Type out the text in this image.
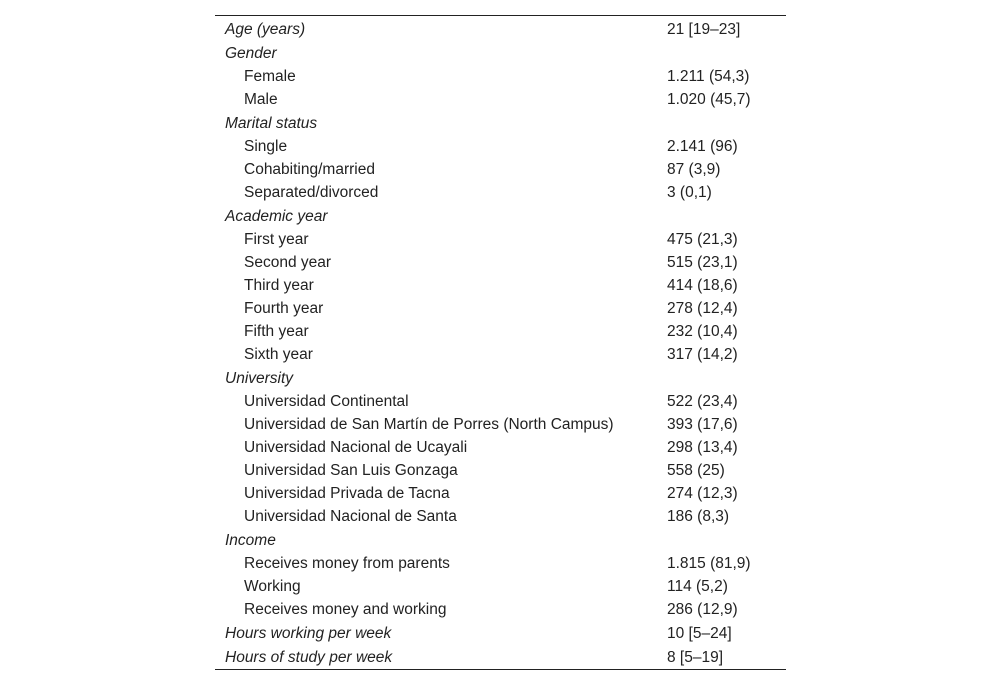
Age (years)	21 [19–23]
Gender	
Female	1.211 (54,3)
Male	1.020 (45,7)
Marital status	
Single	2.141 (96)
Cohabiting/married	87 (3,9)
Separated/divorced	3 (0,1)
Academic year	
First year	475 (21,3)
Second year	515 (23,1)
Third year	414 (18,6)
Fourth year	278 (12,4)
Fifth year	232 (10,4)
Sixth year	317 (14,2)
University	
Universidad Continental	522 (23,4)
Universidad de San Martín de Porres (North Campus)	393 (17,6)
Universidad Nacional de Ucayali	298 (13,4)
Universidad San Luis Gonzaga	558 (25)
Universidad Privada de Tacna	274 (12,3)
Universidad Nacional de Santa	186 (8,3)
Income	
Receives money from parents	1.815 (81,9)
Working	114 (5,2)
Receives money and working	286 (12,9)
Hours working per week	10 [5–24]
Hours of study per week	8 [5–19]
